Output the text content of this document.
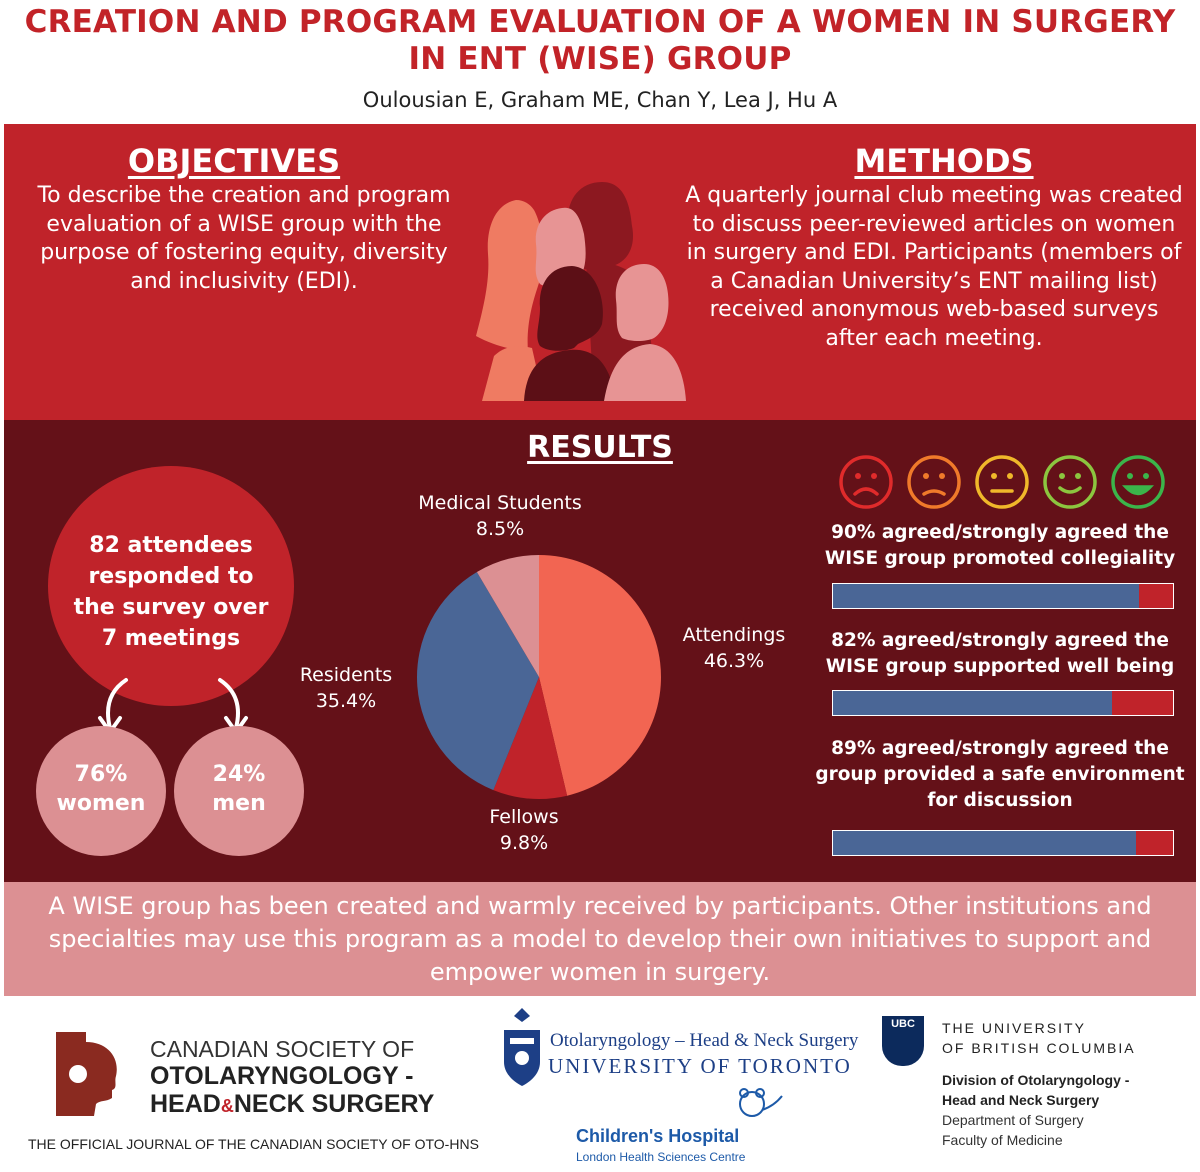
CREATION AND PROGRAM EVALUATION OF A WOMEN IN SURGERY IN ENT (WISE) GROUP
Oulousian E, Graham ME, Chan Y, Lea J, Hu A
OBJECTIVES
To describe the creation and program evaluation of a WISE group with the purpose of fostering equity, diversity and inclusivity (EDI).
METHODS
A quarterly journal club meeting was created to discuss peer-reviewed articles on women in surgery and EDI. Participants (members of a Canadian University’s ENT mailing list) received anonymous web-based surveys after each meeting.
RESULTS
82 attendees responded to the survey over 7 meetings
76%
women
24%
men
Medical Students
8.5%
Attendings
46.3%
Residents
35.4%
Fellows
9.8%
90% agreed/strongly agreed the WISE group promoted collegiality
82% agreed/strongly agreed the WISE group supported well being
89% agreed/strongly agreed the group provided a safe environment for discussion
A WISE group has been created and warmly received by participants. Other institutions and specialties may use this program as a model to develop their own initiatives to support and empower women in surgery.
CANADIAN SOCIETY OF
OTOLARYNGOLOGY -
HEAD&NECK SURGERY
THE OFFICIAL JOURNAL OF THE CANADIAN SOCIETY OF OTO-HNS
Otolaryngology – Head & Neck Surgery
UNIVERSITY OF TORONTO
Children's Hospital
London Health Sciences Centre
UBC	THE UNIVERSITY
OF BRITISH COLUMBIA
Division of Otolaryngology -
Head and Neck Surgery
Department of Surgery
Faculty of Medicine
